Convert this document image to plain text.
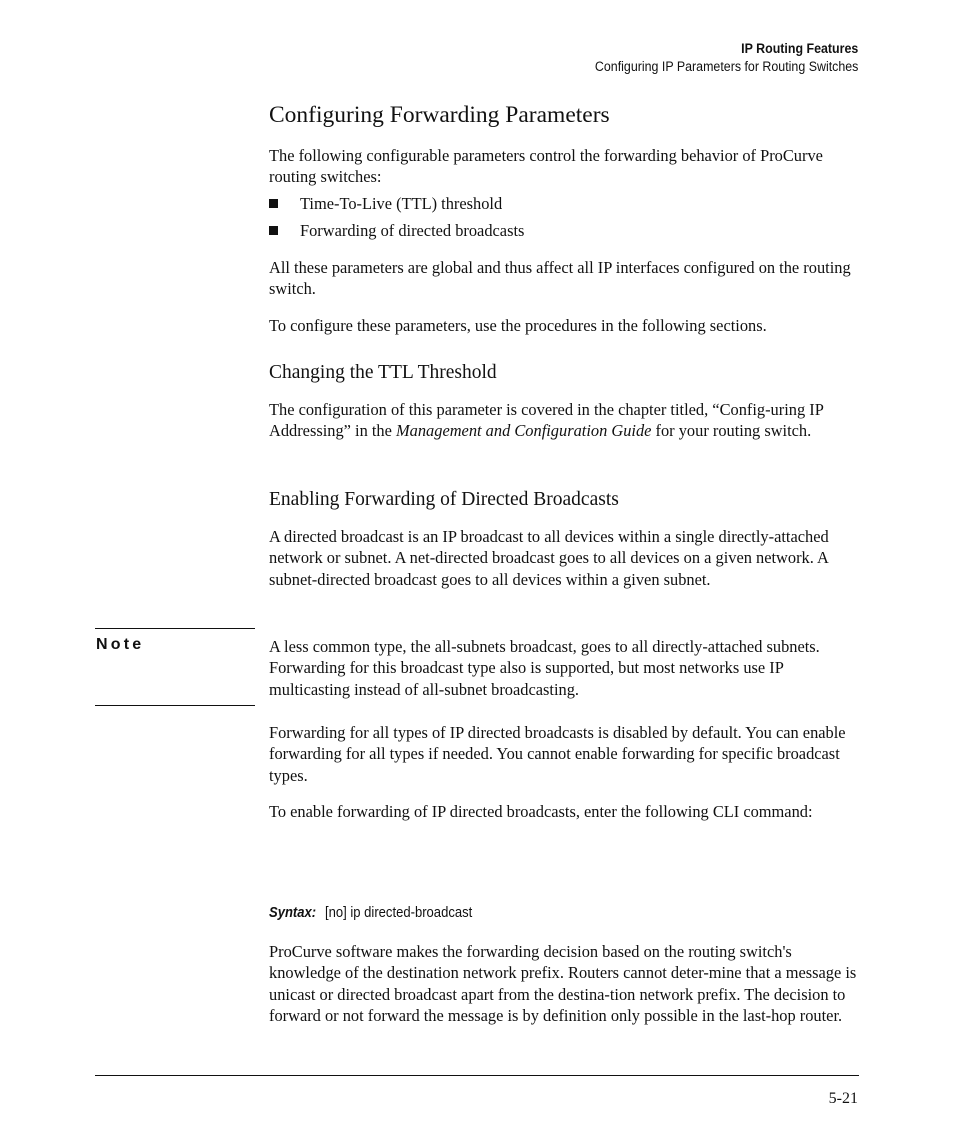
IP Routing Features
Configuring IP Parameters for Routing Switches
Configuring Forwarding Parameters

The following configurable parameters control the forwarding behavior of ProCurve routing switches:

Time-To-Live (TTL) threshold
Forwarding of directed broadcasts

All these parameters are global and thus affect all IP interfaces configured on the routing switch.

To configure these parameters, use the procedures in the following sections.

Changing the TTL Threshold

The configuration of this parameter is covered in the chapter titled, “Config-uring IP Addressing” in the Management and Configuration Guide for your routing switch.

Enabling Forwarding of Directed Broadcasts

A directed broadcast is an IP broadcast to all devices within a single directly-attached network or subnet. A net-directed broadcast goes to all devices on a given network. A subnet-directed broadcast goes to all devices within a given subnet.

Note	A less common type, the all-subnets broadcast, goes to all directly-attached subnets. Forwarding for this broadcast type also is supported, but most networks use IP multicasting instead of all-subnet broadcasting.

Forwarding for all types of IP directed broadcasts is disabled by default. You can enable forwarding for all types if needed. You cannot enable forwarding for specific broadcast types.

To enable forwarding of IP directed broadcasts, enter the following CLI command:

Syntax: [no] ip directed-broadcast

ProCurve software makes the forwarding decision based on the routing switch's knowledge of the destination network prefix. Routers cannot deter-mine that a message is unicast or directed broadcast apart from the destina-tion network prefix. The decision to forward or not forward the message is by definition only possible in the last-hop router.

5-21
